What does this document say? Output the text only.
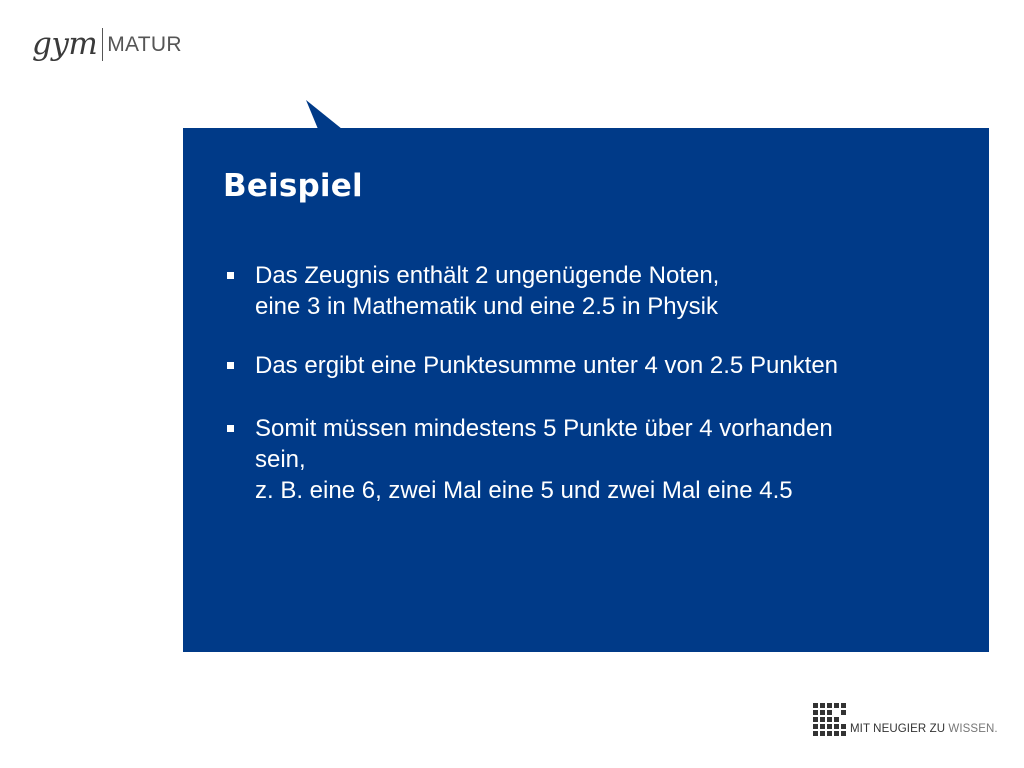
gym MATUR
Beispiel
Das Zeugnis enthält 2 ungenügende Noten,
eine 3 in Mathematik und eine 2.5 in Physik
Das ergibt eine Punktesumme unter 4 von 2.5 Punkten
Somit müssen mindestens 5 Punkte über 4 vorhanden
sein,
z. B. eine 6, zwei Mal eine 5 und zwei Mal eine 4.5
MIT NEUGIER ZU WISSEN.
